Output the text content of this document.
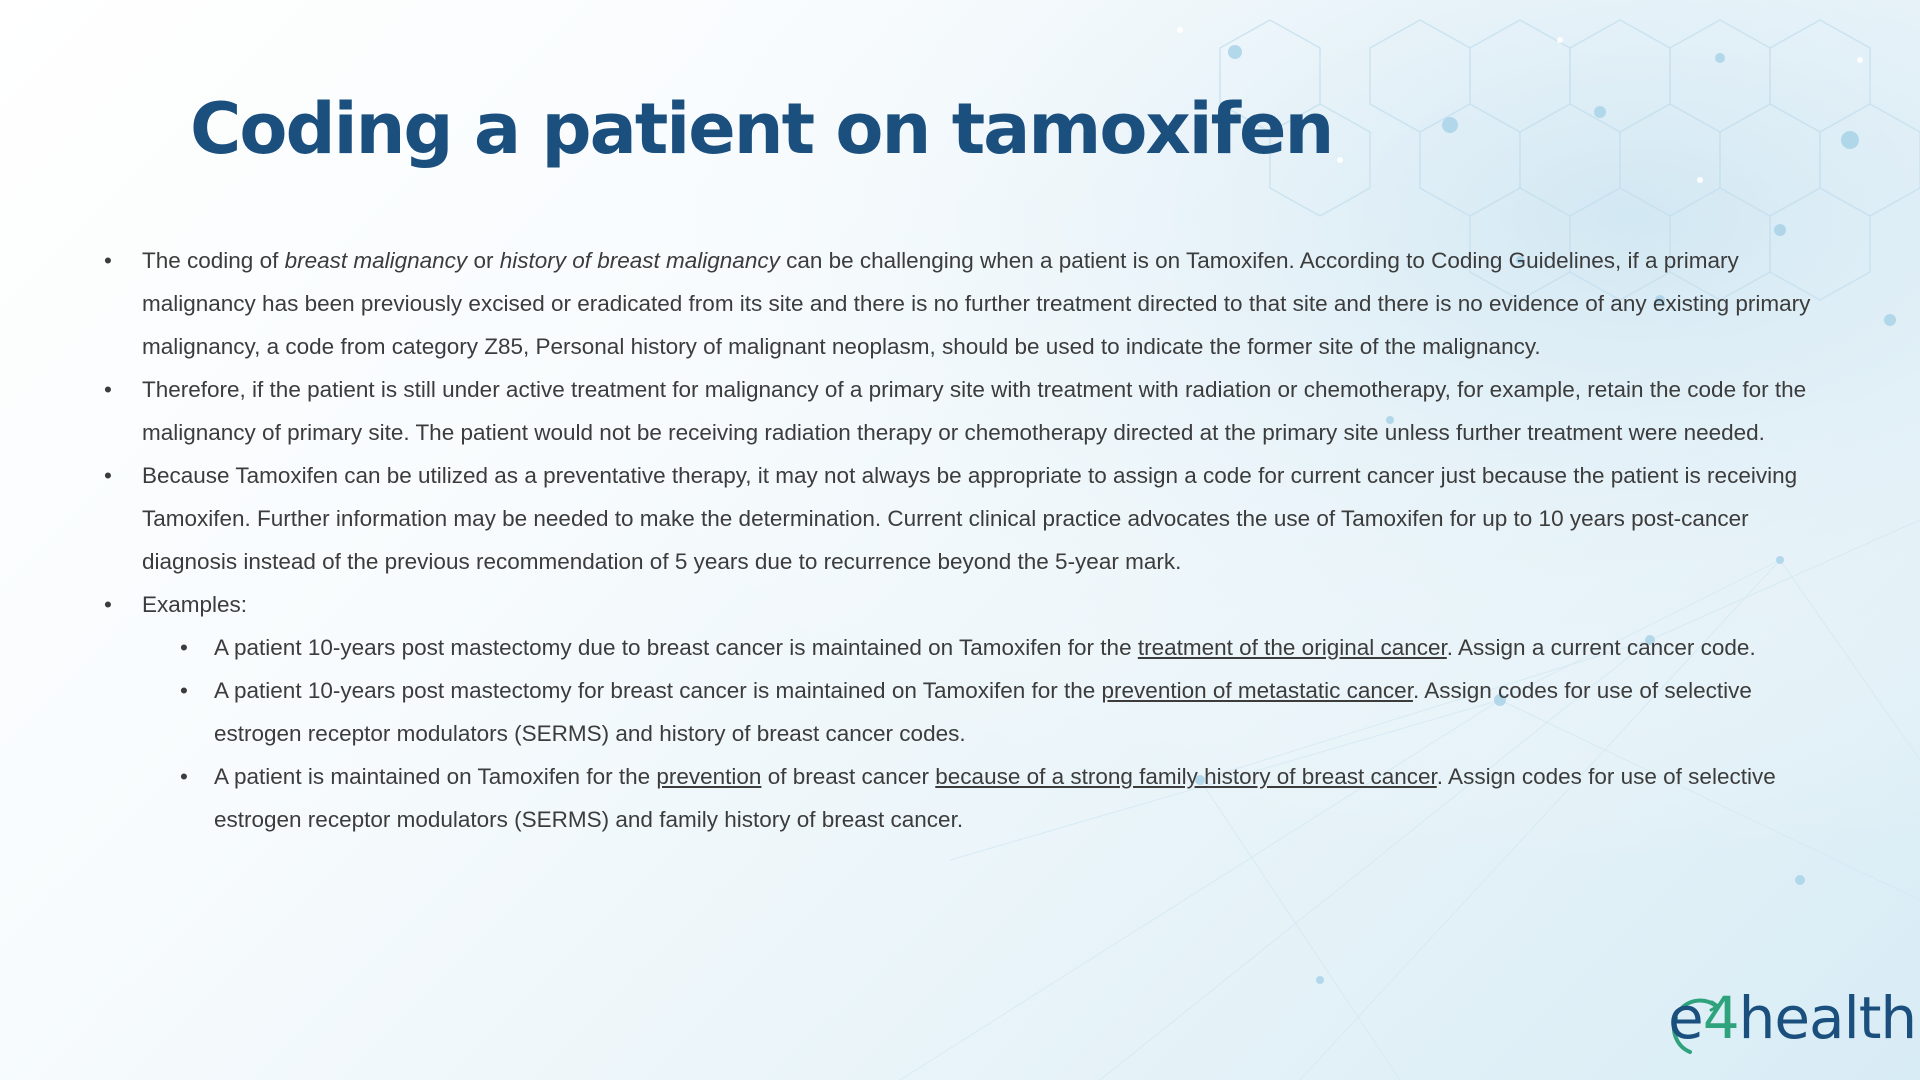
Coding a patient on tamoxifen
• The coding of breast malignancy or history of breast malignancy can be challenging when a patient is on Tamoxifen. According to Coding Guidelines, if a primary malignancy has been previously excised or eradicated from its site and there is no further treatment directed to that site and there is no evidence of any existing primary malignancy, a code from category Z85, Personal history of malignant neoplasm, should be used to indicate the former site of the malignancy.
• Therefore, if the patient is still under active treatment for malignancy of a primary site with treatment with radiation or chemotherapy, for example, retain the code for the malignancy of primary site. The patient would not be receiving radiation therapy or chemotherapy directed at the primary site unless further treatment were needed.
• Because Tamoxifen can be utilized as a preventative therapy, it may not always be appropriate to assign a code for current cancer just because the patient is receiving Tamoxifen. Further information may be needed to make the determination. Current clinical practice advocates the use of Tamoxifen for up to 10 years post-cancer diagnosis instead of the previous recommendation of 5 years due to recurrence beyond the 5-year mark.
• Examples:
• A patient 10-years post mastectomy due to breast cancer is maintained on Tamoxifen for the treatment of the original cancer. Assign a current cancer code.
• A patient 10-years post mastectomy for breast cancer is maintained on Tamoxifen for the prevention of metastatic cancer. Assign codes for use of selective estrogen receptor modulators (SERMS) and history of breast cancer codes.
• A patient is maintained on Tamoxifen for the prevention of breast cancer because of a strong family history of breast cancer. Assign codes for use of selective estrogen receptor modulators (SERMS) and family history of breast cancer.
e4health
